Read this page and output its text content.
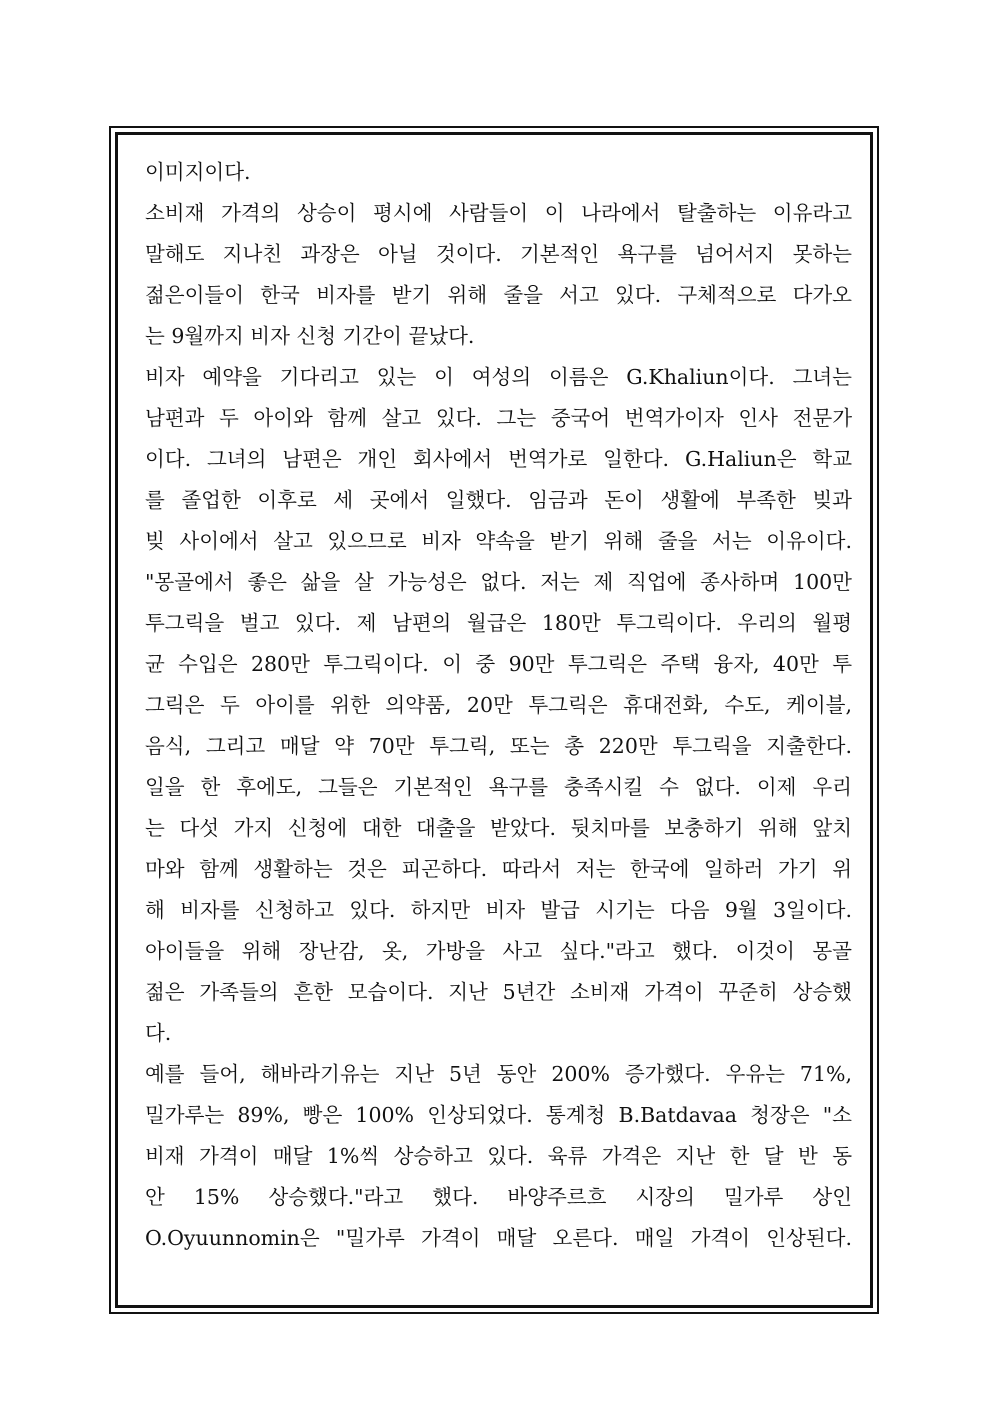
이미지이다.
소비재 가격의 상승이 평시에 사람들이 이 나라에서 탈출하는 이유라고
말해도 지나친 과장은 아닐 것이다. 기본적인 욕구를 넘어서지 못하는
젊은이들이 한국 비자를 받기 위해 줄을 서고 있다. 구체적으로 다가오
는 9월까지 비자 신청 기간이 끝났다.
비자 예약을 기다리고 있는 이 여성의 이름은 G.Khaliun이다. 그녀는
남편과 두 아이와 함께 살고 있다. 그는 중국어 번역가이자 인사 전문가
이다. 그녀의 남편은 개인 회사에서 번역가로 일한다. G.Haliun은 학교
를 졸업한 이후로 세 곳에서 일했다. 임금과 돈이 생활에 부족한 빚과
빚 사이에서 살고 있으므로 비자 약속을 받기 위해 줄을 서는 이유이다.
"몽골에서 좋은 삶을 살 가능성은 없다. 저는 제 직업에 종사하며 100만
투그릭을 벌고 있다. 제 남편의 월급은 180만 투그릭이다. 우리의 월평
균 수입은 280만 투그릭이다. 이 중 90만 투그릭은 주택 융자, 40만 투
그릭은 두 아이를 위한 의약품, 20만 투그릭은 휴대전화, 수도, 케이블,
음식, 그리고 매달 약 70만 투그릭, 또는 총 220만 투그릭을 지출한다.
일을 한 후에도, 그들은 기본적인 욕구를 충족시킬 수 없다. 이제 우리
는 다섯 가지 신청에 대한 대출을 받았다. 뒷치마를 보충하기 위해 앞치
마와 함께 생활하는 것은 피곤하다. 따라서 저는 한국에 일하러 가기 위
해 비자를 신청하고 있다. 하지만 비자 발급 시기는 다음 9월 3일이다.
아이들을 위해 장난감, 옷, 가방을 사고 싶다."라고 했다. 이것이 몽골
젊은 가족들의 흔한 모습이다. 지난 5년간 소비재 가격이 꾸준히 상승했
다.
예를 들어, 해바라기유는 지난 5년 동안 200% 증가했다. 우유는 71%,
밀가루는 89%, 빵은 100% 인상되었다. 통계청 B.Batdavaa 청장은 "소
비재 가격이 매달 1%씩 상승하고 있다. 육류 가격은 지난 한 달 반 동
안 15% 상승했다."라고 했다. 바양주르흐 시장의 밀가루 상인
O.Oyuunnomin은 "밀가루 가격이 매달 오른다. 매일 가격이 인상된다.
